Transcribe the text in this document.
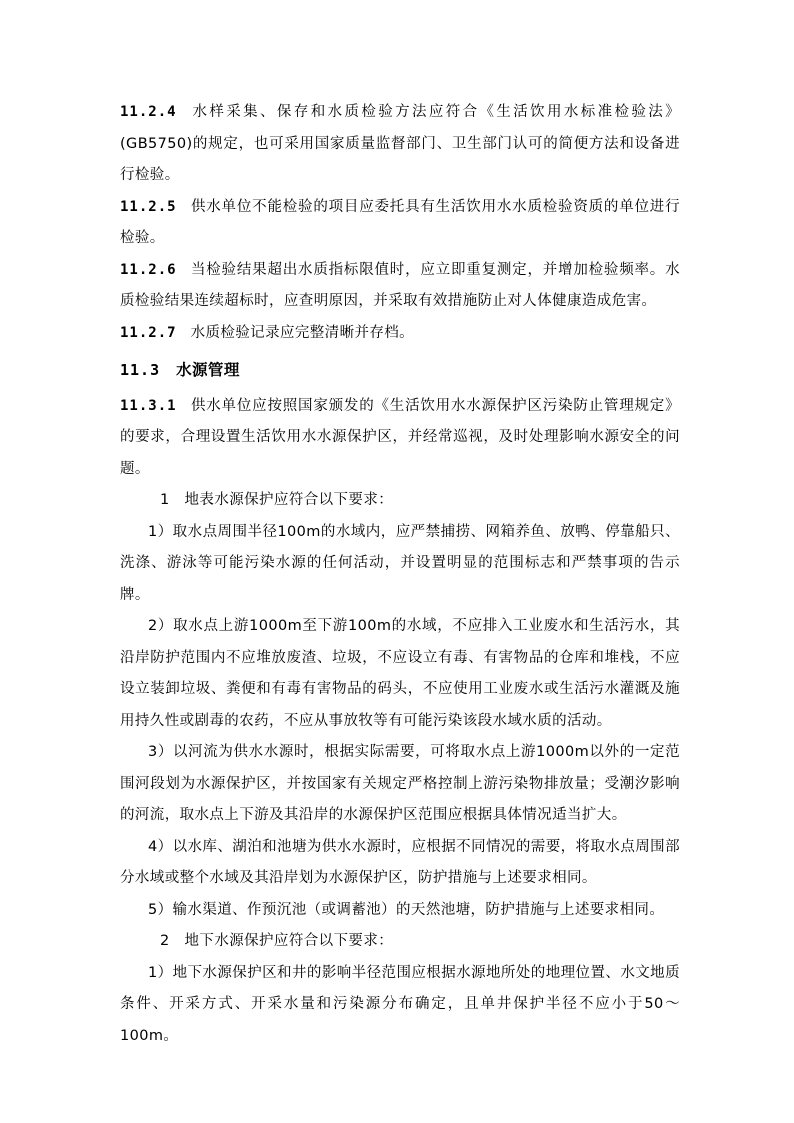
11.2.4 水样采集、保存和水质检验方法应符合《生活饮用水标准检验法》(GB5750)的规定，也可采用国家质量监督部门、卫生部门认可的简便方法和设备进行检验。

11.2.5 供水单位不能检验的项目应委托具有生活饮用水水质检验资质的单位进行检验。

11.2.6 当检验结果超出水质指标限值时，应立即重复测定，并增加检验频率。水质检验结果连续超标时，应查明原因，并采取有效措施防止对人体健康造成危害。

11.2.7 水质检验记录应完整清晰并存档。

11.3 水源管理

11.3.1 供水单位应按照国家颁发的《生活饮用水水源保护区污染防止管理规定》的要求，合理设置生活饮用水水源保护区，并经常巡视，及时处理影响水源安全的问题。

1　地表水源保护应符合以下要求：

1）取水点周围半径100m的水域内，应严禁捕捞、网箱养鱼、放鸭、停靠船只、洗涤、游泳等可能污染水源的任何活动，并设置明显的范围标志和严禁事项的告示牌。

2）取水点上游1000m至下游100m的水域，不应排入工业废水和生活污水，其沿岸防护范围内不应堆放废渣、垃圾，不应设立有毒、有害物品的仓库和堆栈，不应设立装卸垃圾、粪便和有毒有害物品的码头，不应使用工业废水或生活污水灌溉及施用持久性或剧毒的农药，不应从事放牧等有可能污染该段水域水质的活动。

3）以河流为供水水源时，根据实际需要，可将取水点上游1000m以外的一定范围河段划为水源保护区，并按国家有关规定严格控制上游污染物排放量；受潮汐影响的河流，取水点上下游及其沿岸的水源保护区范围应根据具体情况适当扩大。

4）以水库、湖泊和池塘为供水水源时，应根据不同情况的需要，将取水点周围部分水域或整个水域及其沿岸划为水源保护区，防护措施与上述要求相同。

5）输水渠道、作预沉池（或调蓄池）的天然池塘，防护措施与上述要求相同。

2　地下水源保护应符合以下要求：

1）地下水源保护区和井的影响半径范围应根据水源地所处的地理位置、水文地质条件、开采方式、开采水量和污染源分布确定，且单井保护半径不应小于50～100m。
